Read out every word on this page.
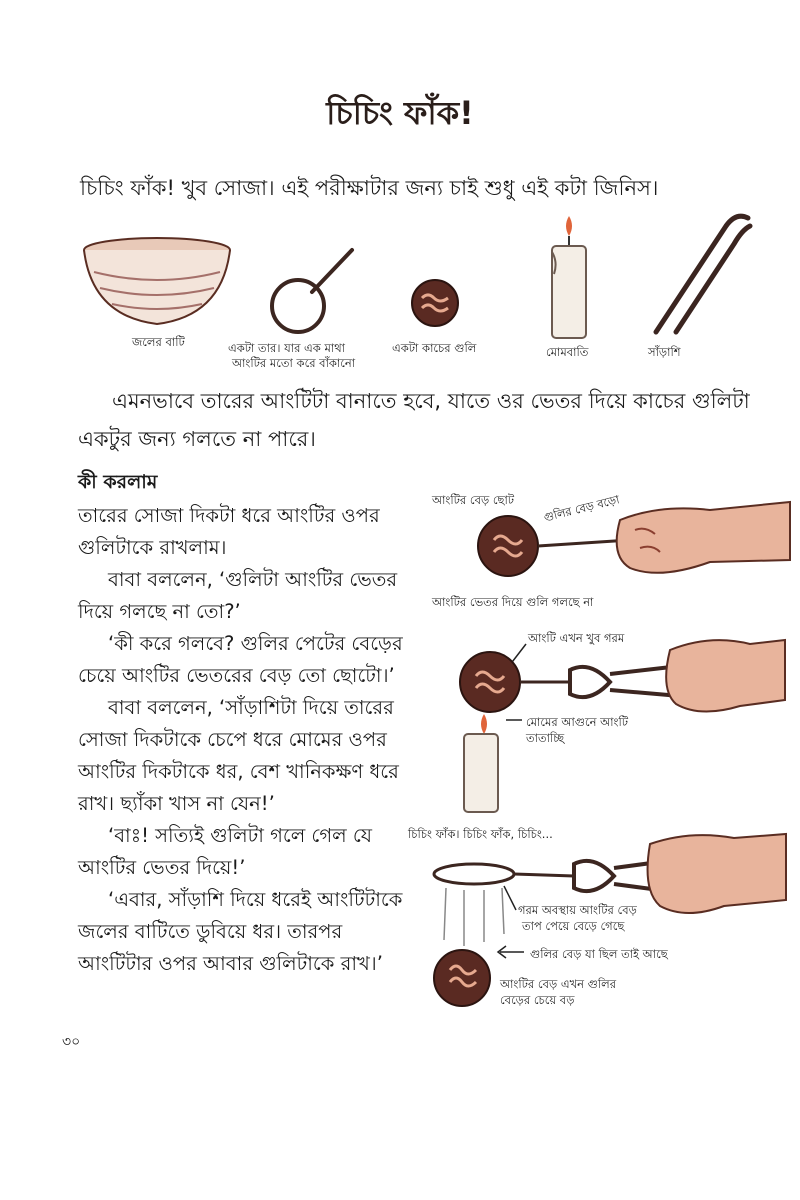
চিচিং ফাঁক!
চিচিং ফাঁক! খুব সোজা। এই পরীক্ষাটার জন্য চাই শুধু এই কটা জিনিস।
জলের বাটি	একটা তার। যার এক মাথা
আংটির মতো করে বাঁকানো
একটা কাচের গুলি	মোমবাতি	সাঁড়াশি
এমনভাবে তারের আংটিটা বানাতে হবে, যাতে ওর ভেতর দিয়ে কাচের গুলিটা
একটুর জন্য গলতে না পারে।
কী করলাম
তারের সোজা দিকটা ধরে আংটির ওপর
গুলিটাকে রাখলাম।
বাবা বললেন, ‘গুলিটা আংটির ভেতর
দিয়ে গলছে না তো?’
‘কী করে গলবে? গুলির পেটের বেড়ের
চেয়ে আংটির ভেতরের বেড় তো ছোটো।’
বাবা বললেন, ‘সাঁড়াশিটা দিয়ে তারের
সোজা দিকটাকে চেপে ধরে মোমের ওপর
আংটির দিকটাকে ধর, বেশ খানিকক্ষণ ধরে
রাখ। ছ্যাঁকা খাস না যেন!’
‘বাঃ! সত্যিই গুলিটা গলে গেল যে
আংটির ভেতর দিয়ে!’
‘এবার, সাঁড়াশি দিয়ে ধরেই আংটিটাকে
জলের বাটিতে ডুবিয়ে ধর। তারপর
আংটিটার ওপর আবার গুলিটাকে রাখ।’
আংটির বেড় ছোট গুলির বেড় বড়ো
আংটির ভেতর দিয়ে গুলি গলছে না
আংটি এখন খুব গরম
মোমের আগুনে আংটি
তাতাচ্ছি
চিচিং ফাঁক। চিচিং ফাঁক, চিচিং...
গরম অবস্থায় আংটির বেড়
তাপ পেয়ে বেড়ে গেছে
গুলির বেড় যা ছিল তাই আছে
আংটির বেড় এখন গুলির
বেড়ের চেয়ে বড়
৩০
